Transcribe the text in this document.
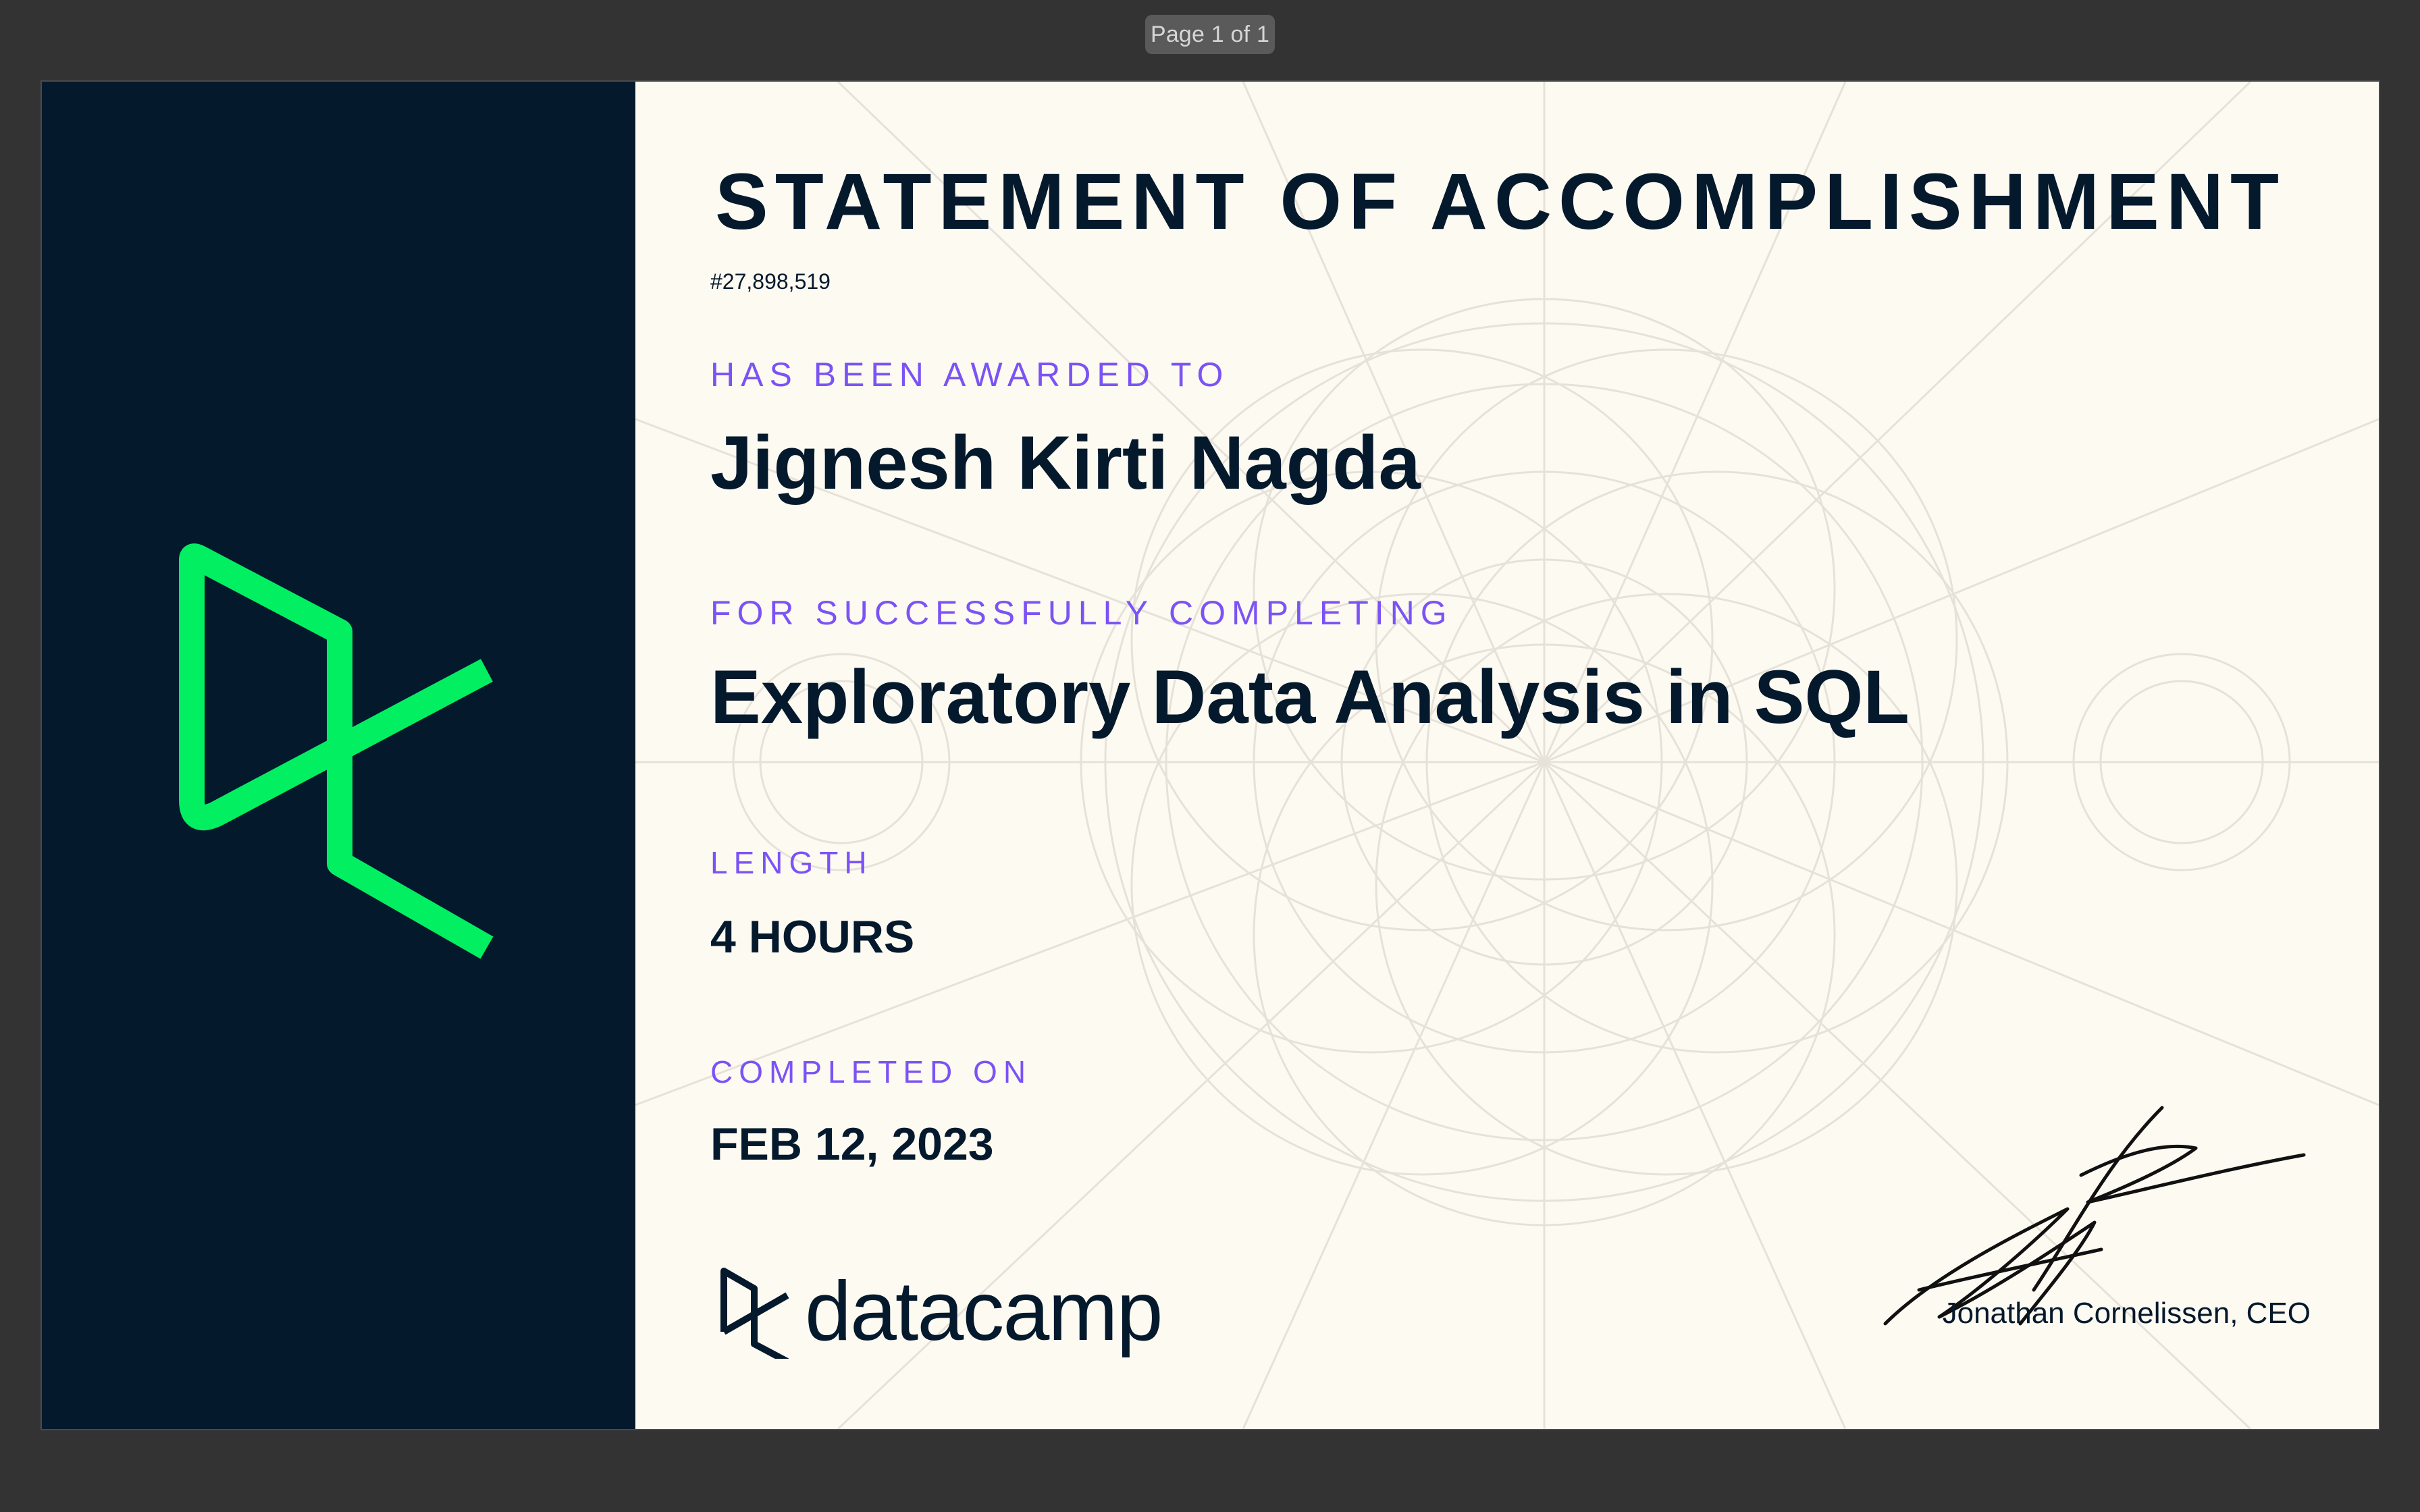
Page 1 of 1
STATEMENT OF ACCOMPLISHMENT
#27,898,519
HAS BEEN AWARDED TO
Jignesh Kirti Nagda
FOR SUCCESSFULLY COMPLETING
Exploratory Data Analysis in SQL
LENGTH
4 HOURS
COMPLETED ON
FEB 12, 2023
datacamp	Jonathan Cornelissen, CEO
